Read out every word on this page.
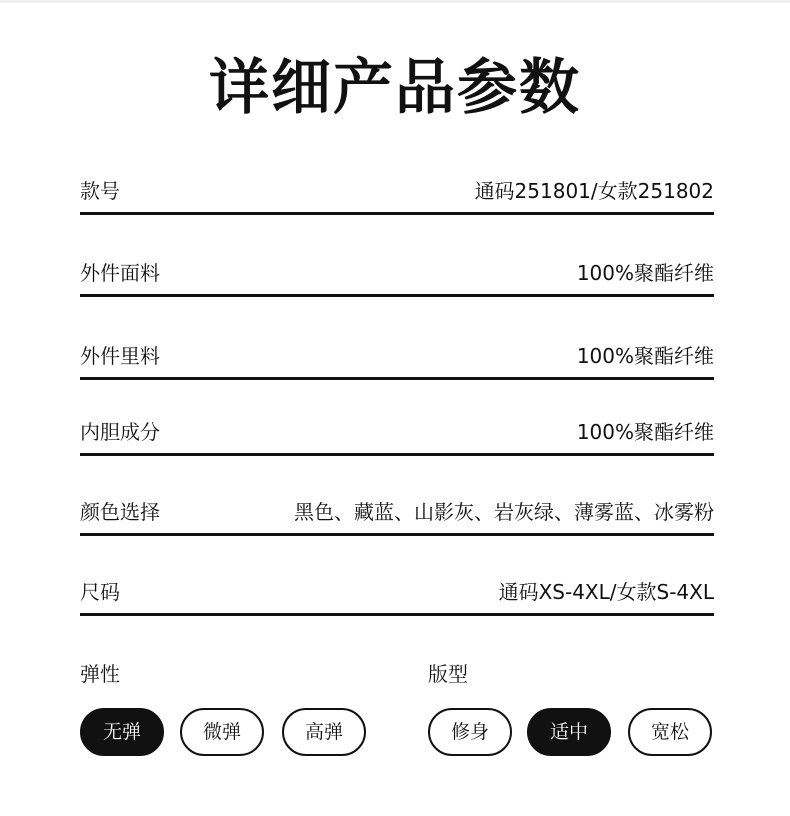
详细产品参数
款号	通码251801/女款251802
外件面料	100%聚酯纤维
外件里料	100%聚酯纤维
内胆成分	100%聚酯纤维
颜色选择	黑色、藏蓝、山影灰、岩灰绿、薄雾蓝、冰雾粉
尺码	通码XS-4XL/女款S-4XL
弹性
无弹	微弹	高弹
版型
修身	适中	宽松
